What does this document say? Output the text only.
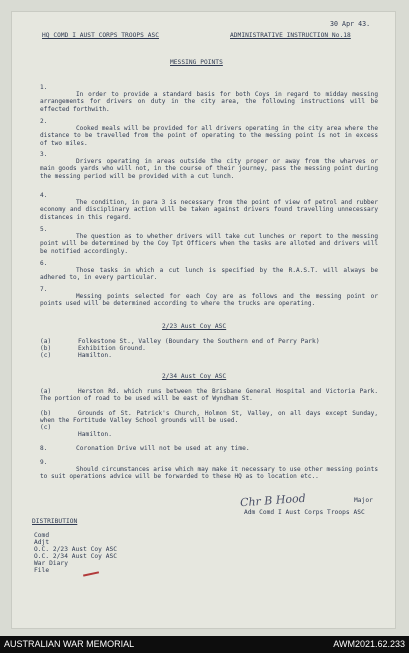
30 Apr 43.
HQ COMD I AUST CORPS TROOPS ASC	ADMINISTRATIVE INSTRUCTION No.18
MESSING POINTS
1.
In order to provide a standard basis for both Coys in regard to midday messing arrangements for drivers on duty in the city area, the following instructions will be effected forthwith.
2.
Cooked meals will be provided for all drivers operating in the city area where the distance to be travelled from the point of operating to the messing point is not in excess of two miles.
3.
Drivers operating in areas outside the city proper or away from the wharves or main goods yards who will not, in the course of their journey, pass the messing point during the messing period will be provided with a cut lunch.
4.
The condition, in para 3 is necessary from the point of view of petrol and rubber economy and disciplinary action will be taken against drivers found travelling unnecessary distances in this regard.
5.
The question as to whether drivers will take cut lunches or report to the messing point will be determined by the Coy Tpt Officers when the tasks are alloted and drivers will be notified accordingly.
6.
Those tasks in which a cut lunch is specified by the R.A.S.T. will always be adhered to, in every particular.
7.
Messing points selected for each Coy are as follows and the messing point or points used will be determined according to where the trucks are operating.
2/23 Aust Coy ASC
(a)	Folkestone St., Valley (Boundary the Southern end of Perry Park)
(b)	Exhibition Ground.
(c)	Hamilton.
2/34 Aust Coy ASC
(a)	Herston Rd. which runs between the Brisbane General Hospital and Victoria Park. The portion of road to be used will be east of Wyndham St.
(b)	Grounds of St. Patrick's Church, Holmon St, Valley, on all days except Sunday, when the Fortitude Valley School grounds will be used.
(c)
Hamilton.
8.	Coronation Drive will not be used at any time.
9.
Should circumstances arise which may make it necessary to use other messing points to suit operations advice will be forwarded to these HQ as to location etc..
Chr B Hood	Major
Adm Comd I Aust Corps Troops ASC
DISTRIBUTION
Comd
Adjt
O.C. 2/23 Aust Coy ASC
O.C. 2/34 Aust Coy ASC
War Diary
File
AUSTRALIAN WAR MEMORIAL	AWM2021.62.233
